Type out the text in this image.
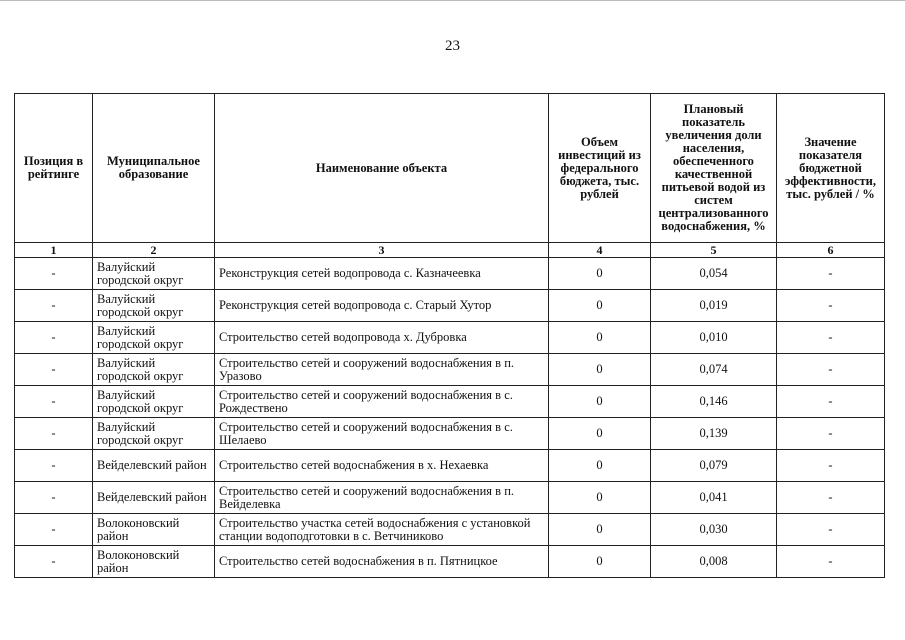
23
Позиция в рейтинге	Муниципальное образование	Наименование объекта	Объем инвестиций из федерального бюджета, тыс. рублей	Плановый показатель увеличения доли населения, обеспеченного качественной питьевой водой из систем централизованного водоснабжения, %	Значение показателя бюджетной эффективности, тыс. рублей / %
1	2	3	4	5	6
-	Валуйский городской округ	Реконструкция сетей водопровода с. Казначеевка	0	0,054	-
-	Валуйский городской округ	Реконструкция сетей водопровода с. Старый Хутор	0	0,019	-
-	Валуйский городской округ	Строительство сетей водопровода х. Дубровка	0	0,010	-
-	Валуйский городской округ	Строительство сетей и сооружений водоснабжения в п. Уразово	0	0,074	-
-	Валуйский городской округ	Строительство сетей и сооружений водоснабжения в с. Рождествено	0	0,146	-
-	Валуйский городской округ	Строительство сетей и сооружений водоснабжения в с. Шелаево	0	0,139	-
-	Вейделевский район	Строительство сетей водоснабжения в х. Нехаевка	0	0,079	-
-	Вейделевский район	Строительство сетей и сооружений водоснабжения в п. Вейделевка	0	0,041	-
-	Волоконовский район	Строительство участка сетей водоснабжения с установкой станции водоподготовки в с. Ветчиниково	0	0,030	-
-	Волоконовский район	Строительство сетей водоснабжения в п. Пятницкое	0	0,008	-
